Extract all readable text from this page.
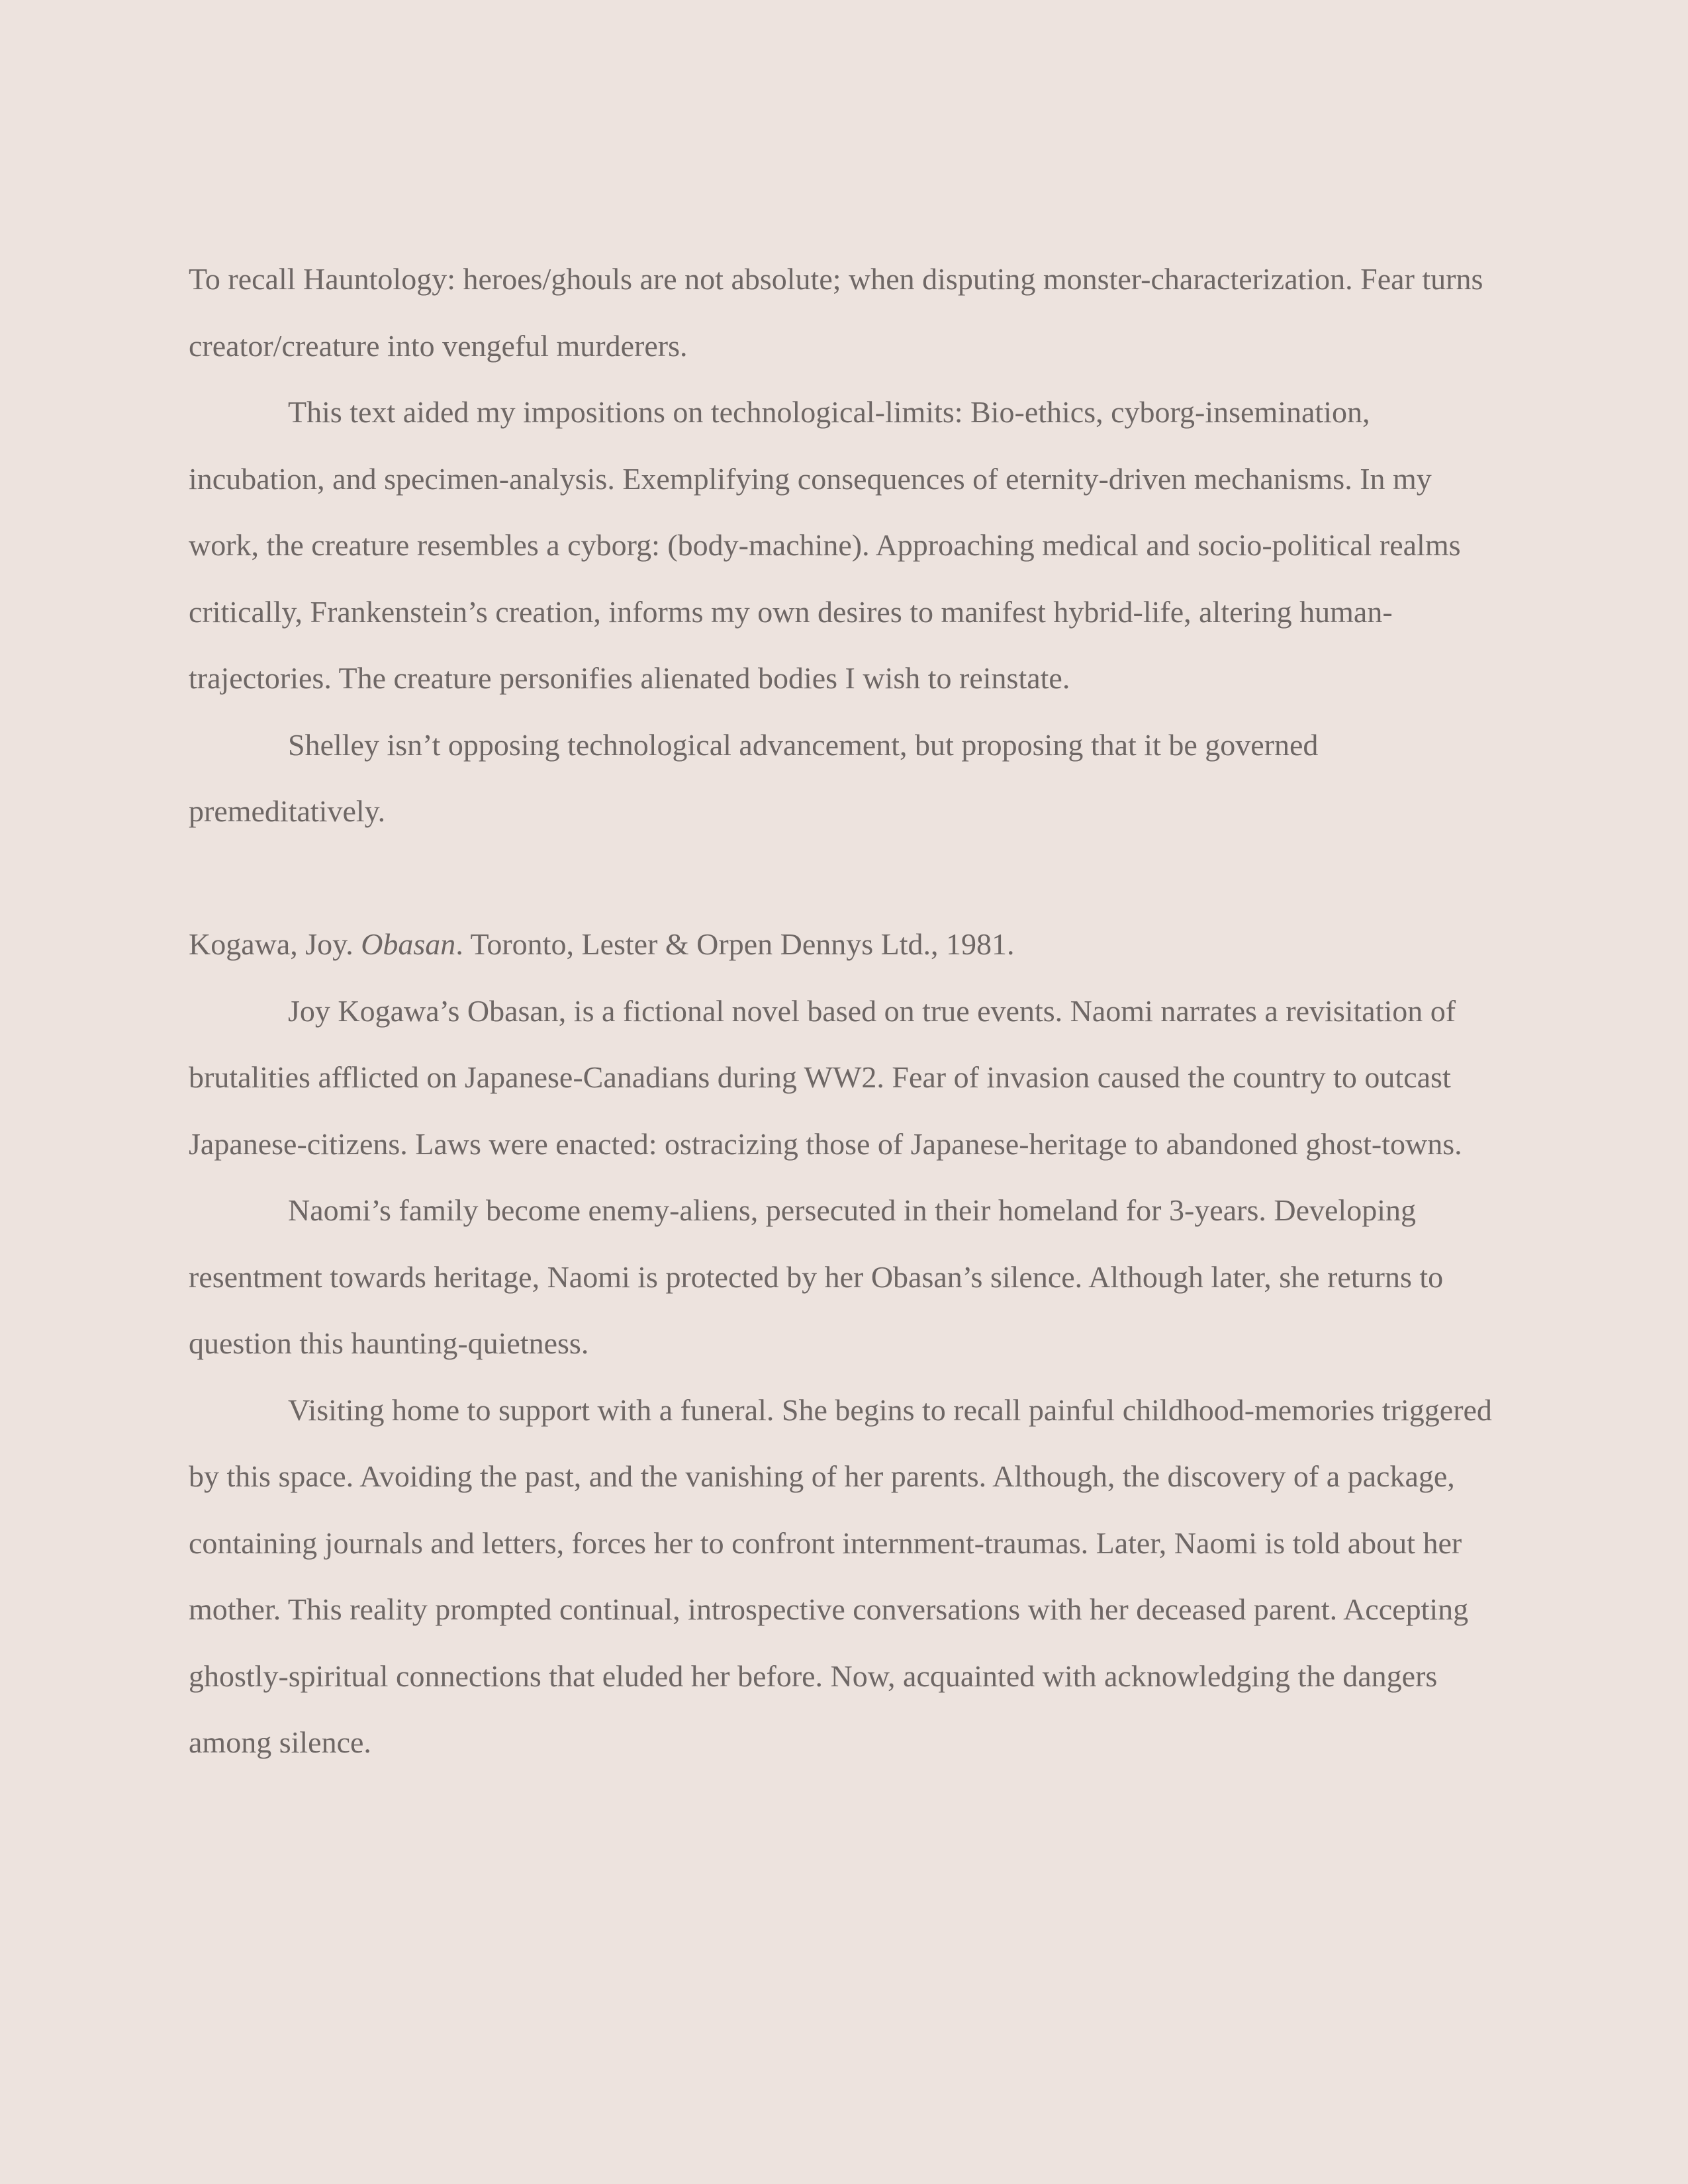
To recall Hauntology: heroes/ghouls are not absolute; when disputing monster-characterization. Fear turns creator/creature into vengeful murderers.

This text aided my impositions on technological-limits: Bio-ethics, cyborg-insemination, incubation, and specimen-analysis. Exemplifying consequences of eternity-driven mechanisms. In my work, the creature resembles a cyborg: (body-machine). Approaching medical and socio-political realms critically, Frankenstein’s creation, informs my own desires to manifest hybrid-life, altering human-trajectories. The creature personifies alienated bodies I wish to reinstate.

Shelley isn’t opposing technological advancement, but proposing that it be governed premeditatively.

Kogawa, Joy. Obasan. Toronto, Lester & Orpen Dennys Ltd., 1981.

Joy Kogawa’s Obasan, is a fictional novel based on true events. Naomi narrates a revisitation of brutalities afflicted on Japanese-Canadians during WW2. Fear of invasion caused the country to outcast Japanese-citizens. Laws were enacted: ostracizing those of Japanese-heritage to abandoned ghost-towns.

Naomi’s family become enemy-aliens, persecuted in their homeland for 3-years. Developing resentment towards heritage, Naomi is protected by her Obasan’s silence. Although later, she returns to question this haunting-quietness.

Visiting home to support with a funeral. She begins to recall painful childhood-memories triggered by this space. Avoiding the past, and the vanishing of her parents. Although, the discovery of a package, containing journals and letters, forces her to confront internment-traumas. Later, Naomi is told about her mother. This reality prompted continual, introspective conversations with her deceased parent. Accepting ghostly-spiritual connections that eluded her before. Now, acquainted with acknowledging the dangers among silence.
